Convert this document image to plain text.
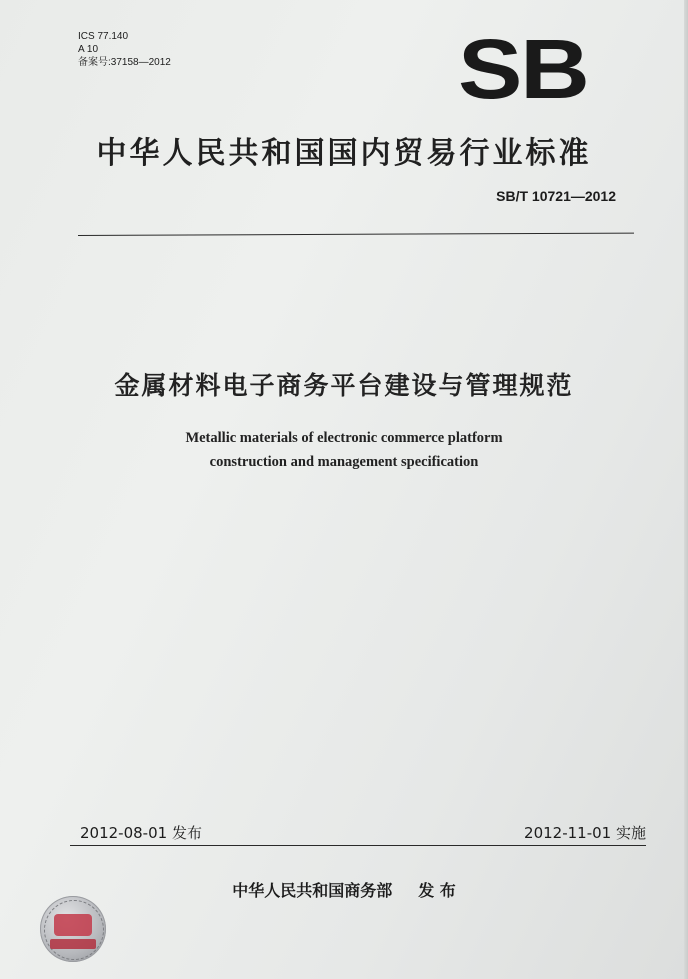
ICS 77.140
A 10
备案号:37158—2012	SB
中华人民共和国国内贸易行业标准
SB/T 10721—2012
金属材料电子商务平台建设与管理规范
Metallic materials of electronic commerce platform
construction and management specification
2012-08-01 发布	2012-11-01 实施
中华人民共和国商务部 发 布
